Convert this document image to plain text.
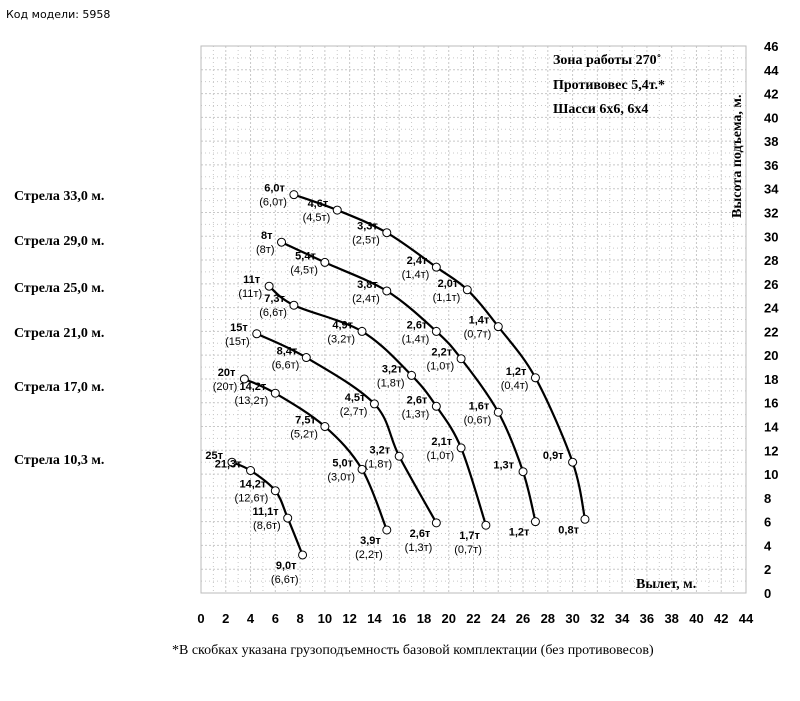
Код модели: 5958
0 2 4 6 8 10 12 14 16 18 20 22 24 26 28 30 32 34 36 38 40 42 44
0
2
4
6
8
10
12
14
16
18
20
22
24
26
28
30
32
34
36
38
40
42
44
46
6,0т
(6,0т) 4,6т
(4,5т)
3,3т
(2,5т)
2,4т
(1,4т)
2,0т
(1,1т)
1,4т
(0,7т)
1,2т
(0,4т)
0,9т
0,8т
8т
(8т)
5,4т
(4,5т)
3,8т
(2,4т)
2,6т
(1,4т)
2,2т
(1,0т)
1,6т
(0,6т)
1,3т
1,2т
11т
(11т) 7,3т
(6,6т)
4,9т
(3,2т)
3,2т
(1,8т)
2,6т
(1,3т)
2,1т
(1,0т)
1,7т
(0,7т)
15т
(15т)
8,4т
(6,6т)
4,5т
(2,7т)
3,2т
(1,8т)
2,6т
(1,3т)
20т
(20т) 14,2т
(13,2т)
7,5т
(5,2т)
5,0т
(3,0т)
3,9т
(2,2т)
25т
21,3т
14,2т
(12,6т)
11,1т
(8,6т)
9,0т
(6,6т)
Зона работы 270˚
Противовес 5,4т.*
Шасси 6х6, 6х4
Вылет, м.
Высота подъема, м.
Стрела 33,0 м.
Стрела 29,0 м.
Стрела 25,0 м.
Стрела 21,0 м.
Стрела 17,0 м.
Стрела 10,3 м.
*В скобках указана грузоподъемность базовой комплектации (без противовесов)
